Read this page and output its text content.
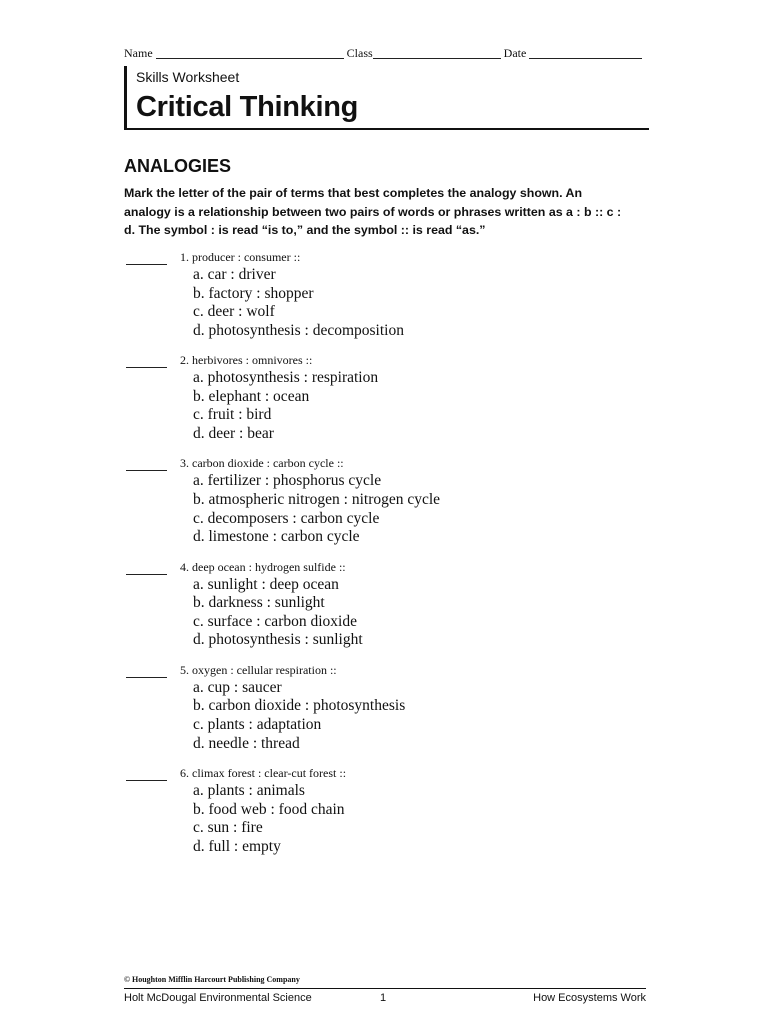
Name	Class	Date
Skills Worksheet
Critical Thinking
ANALOGIES
Mark the letter of the pair of terms that best completes the analogy shown. An analogy is a relationship between two pairs of words or phrases written as a : b :: c : d. The symbol : is read “is to,” and the symbol :: is read “as.”
1. producer : consumer ::
a. car : driver
b. factory : shopper
c. deer : wolf
d. photosynthesis : decomposition
2. herbivores : omnivores ::
a. photosynthesis : respiration
b. elephant : ocean
c. fruit : bird
d. deer : bear
3. carbon dioxide : carbon cycle ::
a. fertilizer : phosphorus cycle
b. atmospheric nitrogen : nitrogen cycle
c. decomposers : carbon cycle
d. limestone : carbon cycle
4. deep ocean : hydrogen sulfide ::
a. sunlight : deep ocean
b. darkness : sunlight
c. surface : carbon dioxide
d. photosynthesis : sunlight
5. oxygen : cellular respiration ::
a. cup : saucer
b. carbon dioxide : photosynthesis
c. plants : adaptation
d. needle : thread
6. climax forest : clear-cut forest ::
a. plants : animals
b. food web : food chain
c. sun : fire
d. full : empty
© Houghton Mifflin Harcourt Publishing Company
Holt McDougal Environmental Science	1	How Ecosystems Work
